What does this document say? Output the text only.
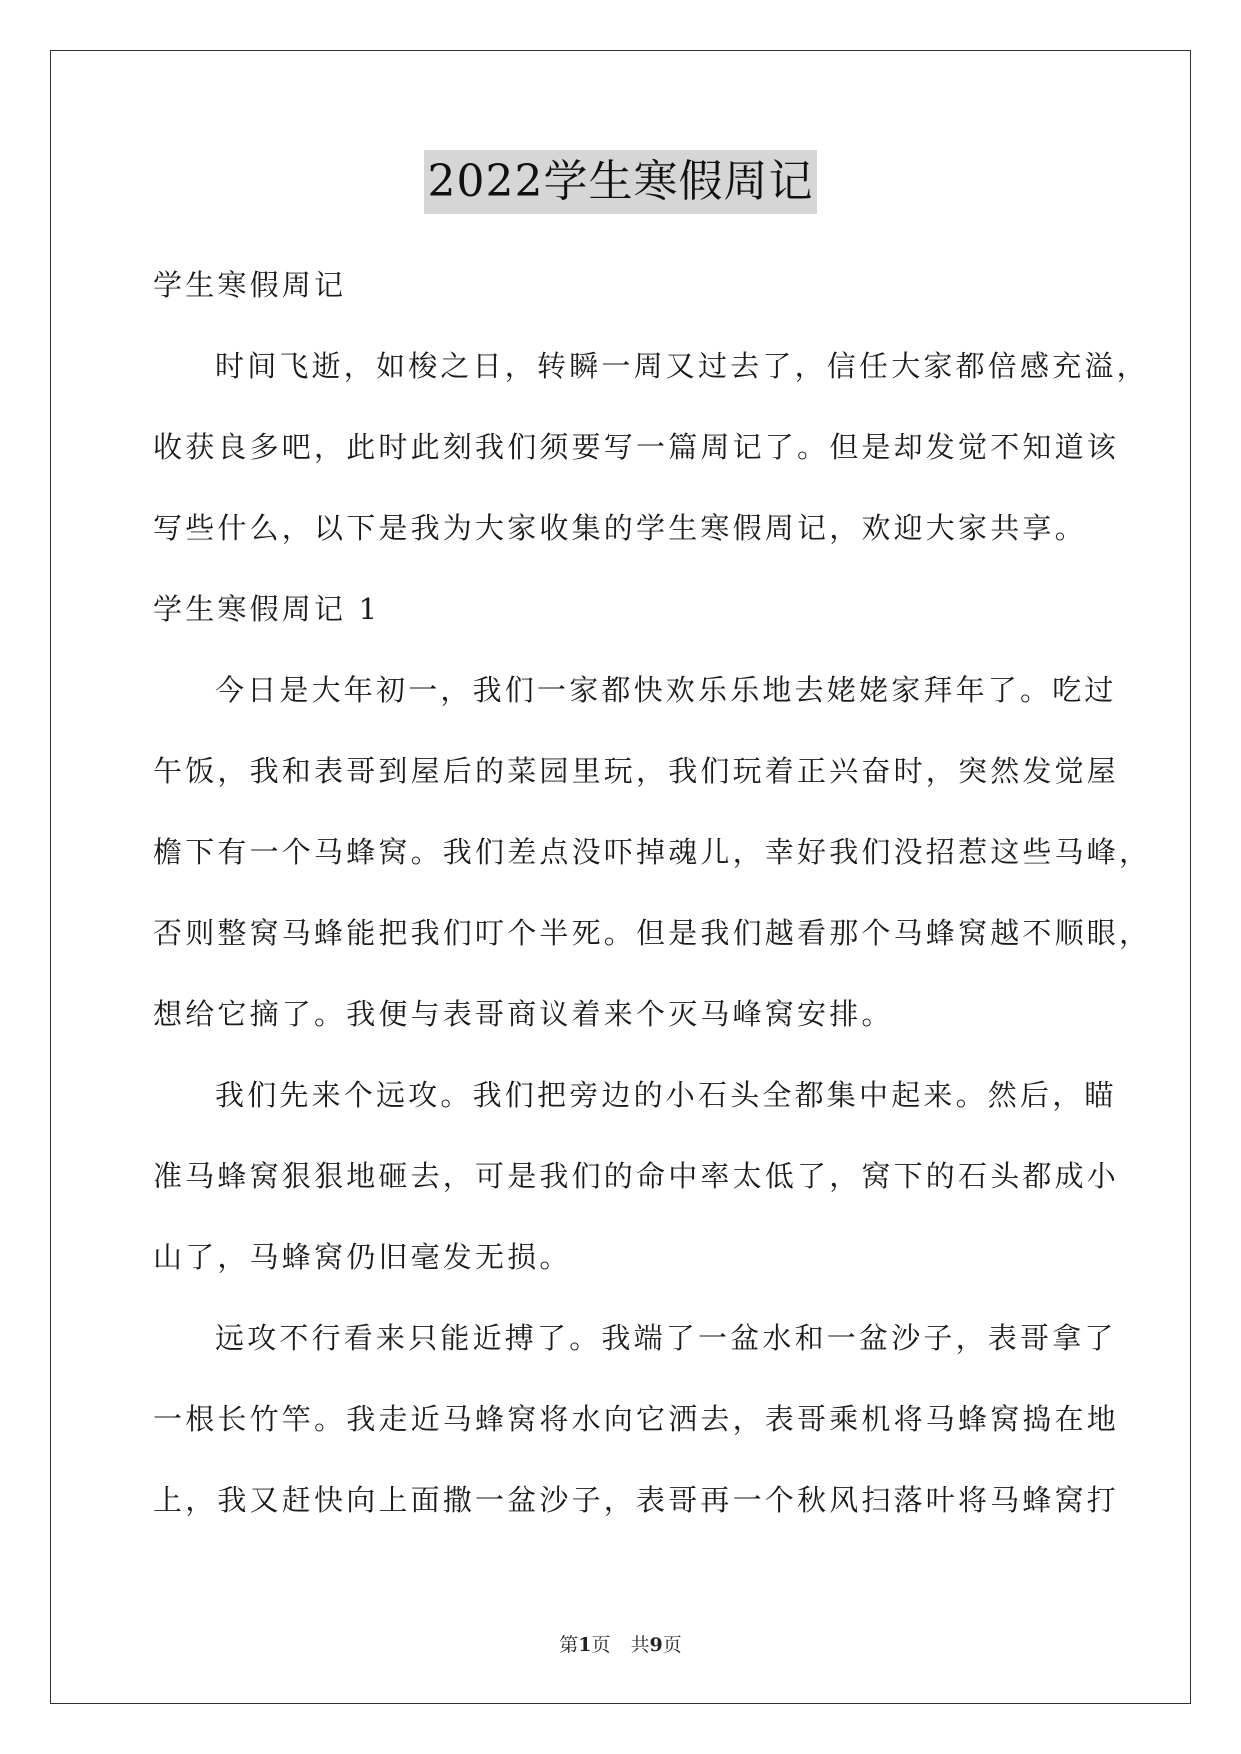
2022学生寒假周记
学生寒假周记
时间飞逝，如梭之日，转瞬一周又过去了，信任大家都倍感充溢，
收获良多吧，此时此刻我们须要写一篇周记了。但是却发觉不知道该
写些什么，以下是我为大家收集的学生寒假周记，欢迎大家共享。
学生寒假周记 1
今日是大年初一，我们一家都快欢乐乐地去姥姥家拜年了。吃过
午饭，我和表哥到屋后的菜园里玩，我们玩着正兴奋时，突然发觉屋
檐下有一个马蜂窝。我们差点没吓掉魂儿，幸好我们没招惹这些马峰，
否则整窝马蜂能把我们叮个半死。但是我们越看那个马蜂窝越不顺眼，
想给它摘了。我便与表哥商议着来个灭马峰窝安排。
我们先来个远攻。我们把旁边的小石头全都集中起来。然后，瞄
准马蜂窝狠狠地砸去，可是我们的命中率太低了，窝下的石头都成小
山了，马蜂窝仍旧毫发无损。
远攻不行看来只能近搏了。我端了一盆水和一盆沙子，表哥拿了
一根长竹竿。我走近马蜂窝将水向它洒去，表哥乘机将马蜂窝捣在地
上，我又赶快向上面撒一盆沙子，表哥再一个秋风扫落叶将马蜂窝打
第1页 共9页
